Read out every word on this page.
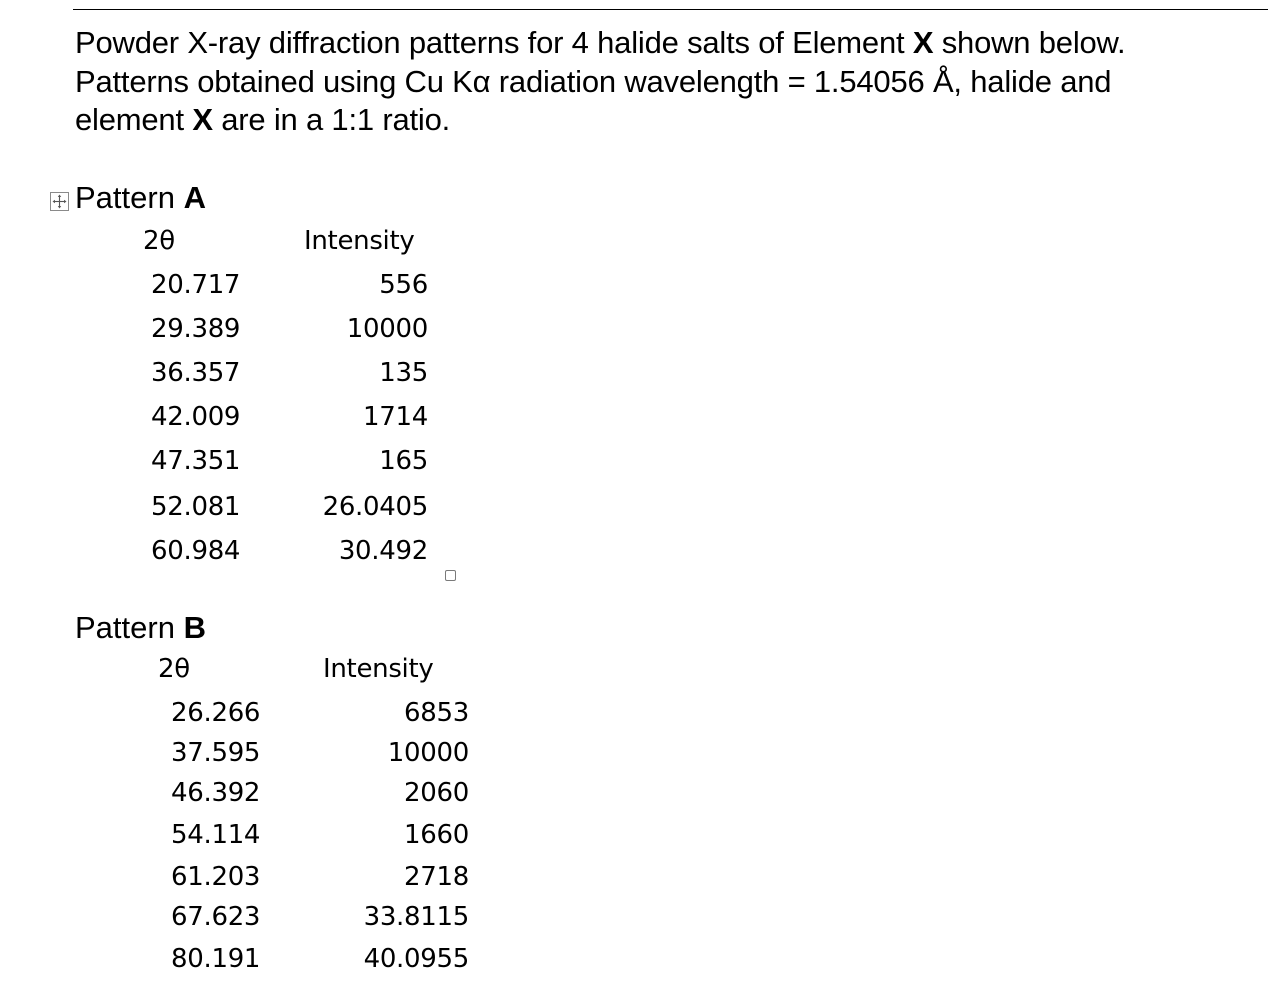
Powder X-ray diffraction patterns for 4 halide salts of Element X shown below.
Patterns obtained using Cu Kα radiation wavelength = 1.54056 Å, halide and
element X are in a 1:1 ratio.
Pattern A
2θ	Intensity
20.717	556
29.389	10000
36.357	135
42.009	1714
47.351	165
52.081	26.0405
60.984	30.492
Pattern B
2θ	Intensity
26.266	6853
37.595	10000
46.392	2060
54.114	1660
61.203	2718
67.623	33.8115
80.191	40.0955
